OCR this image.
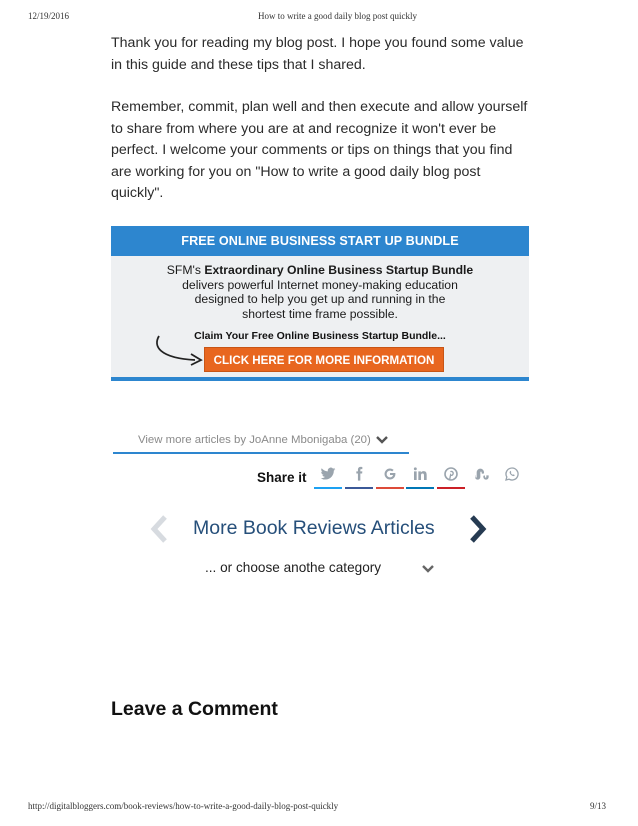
12/19/2016	How to write a good daily blog post quickly

Thank you for reading my blog post. I hope you found some value in this guide and these tips that I shared.

Remember, commit, plan well and then execute and allow yourself to share from where you are at and recognize it won't ever be perfect. I welcome your comments or tips on things that you find are working for you on "How to write a good daily blog post quickly".

FREE ONLINE BUSINESS START UP BUNDLE
SFM's Extraordinary Online Business Startup Bundle
delivers powerful Internet money-making education designed to help you get up and running in the shortest time frame possible.
Claim Your Free Online Business Startup Bundle...
CLICK HERE FOR MORE INFORMATION
View more articles by JoAnne Mbonigaba (20)
Share it
More Book Reviews Articles
... or choose anothe category
Leave a Comment
http://digitalbloggers.com/book-reviews/how-to-write-a-good-daily-blog-post-quickly	9/13
